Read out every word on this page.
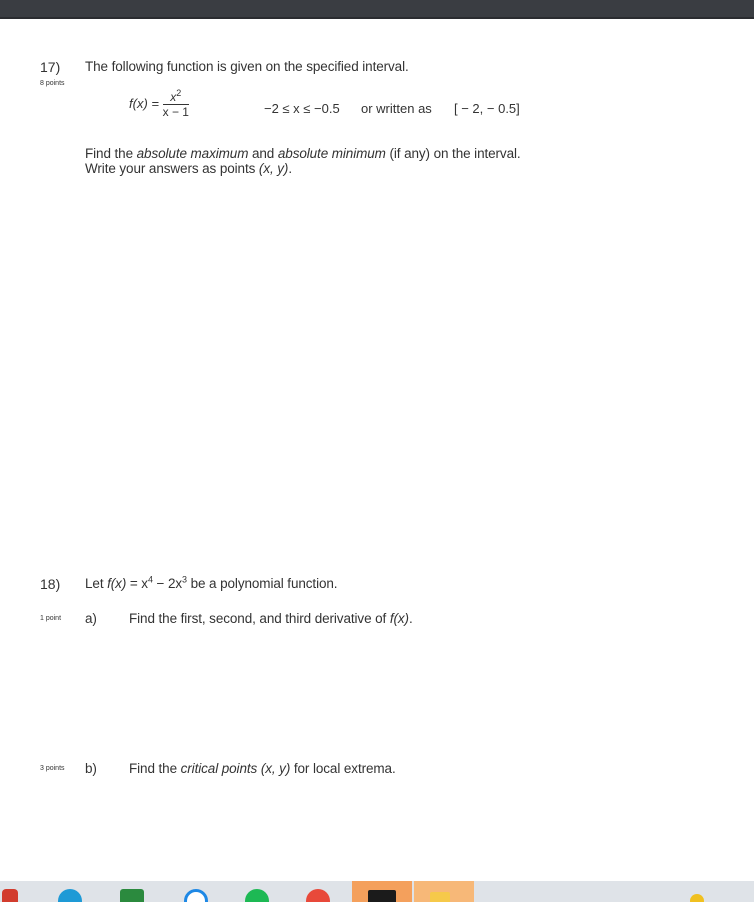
17)
8 points
The following function is given on the specified interval.
$f(x) = \frac{x^2}{x - 1}$	−2 ≤ x ≤ −0.5 or written as [ − 2, − 0.5]
Find the absolute maximum and absolute minimum (if any) on the interval.
Write your answers as points (x, y).
18) Let $f(x) = x^4 - 2x^3$ be a polynomial function.
1 point a) Find the first, second, and third derivative of f(x).
3 points b) Find the critical points (x, y) for local extrema.
